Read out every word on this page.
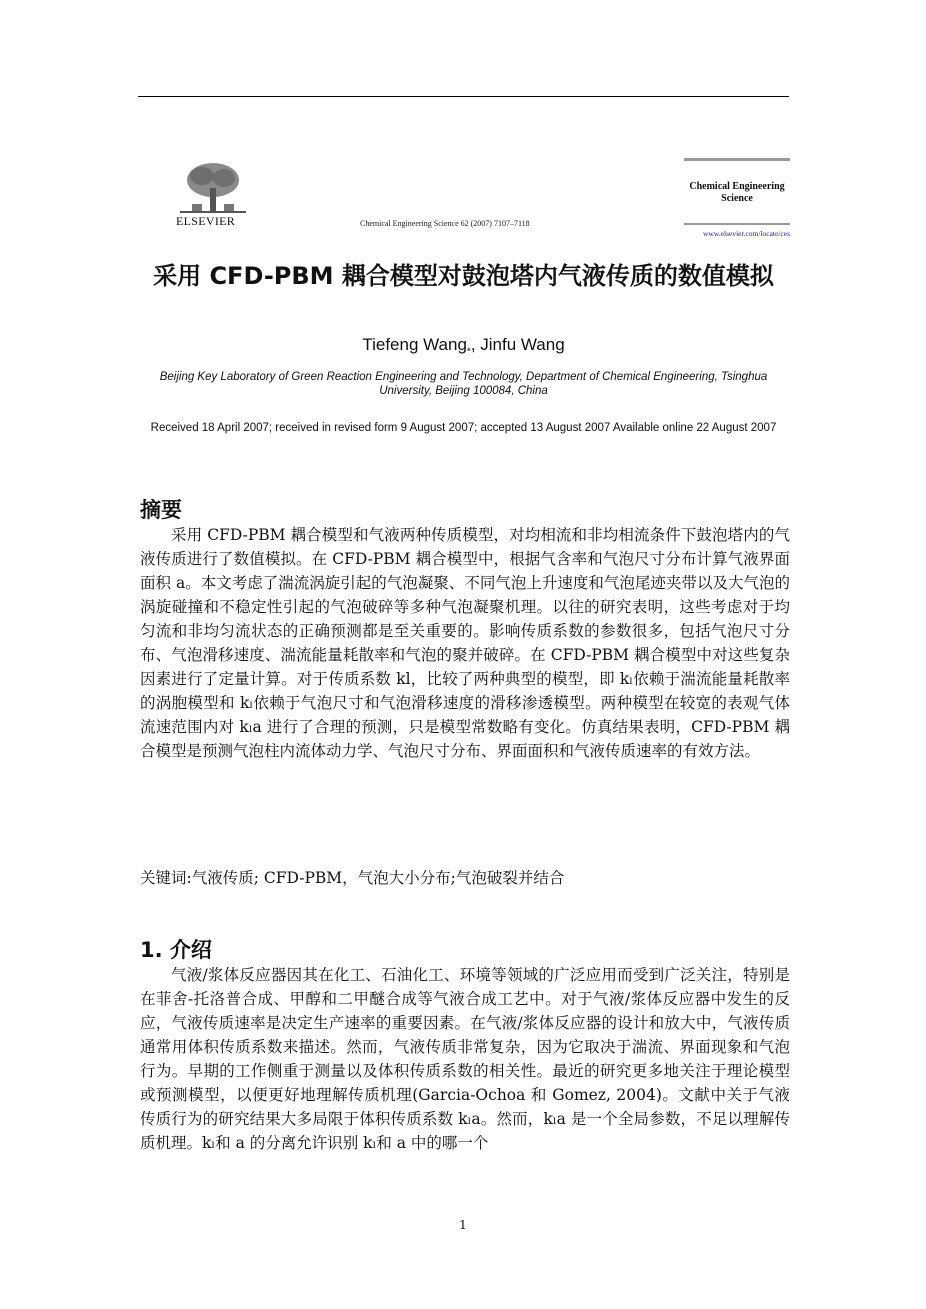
ELSEVIER	Chemical Engineering Science 62 (2007) 7107–7118
Chemical Engineering Science
www.elsevier.com/locate/ces
采用 CFD-PBM 耦合模型对鼓泡塔内气液传质的数值模拟
Tiefeng Wang$_*$, Jinfu Wang
Beijing Key Laboratory of Green Reaction Engineering and Technology, Department of Chemical Engineering, Tsinghua University, Beijing 100084, China
Received 18 April 2007; received in revised form 9 August 2007; accepted 13 August 2007 Available online 22 August 2007
摘要

采用 CFD-PBM 耦合模型和气液两种传质模型，对均相流和非均相流条件下鼓泡塔内的气液传质进行了数值模拟。在 CFD-PBM 耦合模型中，根据气含率和气泡尺寸分布计算气液界面面积 a。本文考虑了湍流涡旋引起的气泡凝聚、不同气泡上升速度和气泡尾迹夹带以及大气泡的涡旋碰撞和不稳定性引起的气泡破碎等多种气泡凝聚机理。以往的研究表明，这些考虑对于均匀流和非均匀流状态的正确预测都是至关重要的。影响传质系数的参数很多，包括气泡尺寸分布、气泡滑移速度、湍流能量耗散率和气泡的聚并破碎。在 CFD-PBM 耦合模型中对这些复杂因素进行了定量计算。对于传质系数 kl，比较了两种典型的模型，即 kₗ依赖于湍流能量耗散率的涡胞模型和 kₗ依赖于气泡尺寸和气泡滑移速度的滑移渗透模型。两种模型在较宽的表观气体流速范围内对 kₗa 进行了合理的预测，只是模型常数略有变化。仿真结果表明，CFD-PBM 耦合模型是预测气泡柱内流体动力学、气泡尺寸分布、界面面积和气液传质速率的有效方法。

关键词:气液传质; CFD-PBM，气泡大小分布;气泡破裂并结合
1. 介绍

气液/浆体反应器因其在化工、石油化工、环境等领域的广泛应用而受到广泛关注，特别是在菲舍-托洛普合成、甲醇和二甲醚合成等气液合成工艺中。对于气液/浆体反应器中发生的反应，气液传质速率是决定生产速率的重要因素。在气液/浆体反应器的设计和放大中，气液传质通常用体积传质系数来描述。然而，气液传质非常复杂，因为它取决于湍流、界面现象和气泡行为。早期的工作侧重于测量以及体积传质系数的相关性。最近的研究更多地关注于理论模型或预测模型，以便更好地理解传质机理(Garcia-Ochoa 和 Gomez, 2004)。文献中关于气液传质行为的研究结果大多局限于体积传质系数 kₗa。然而，kₗa 是一个全局参数，不足以理解传质机理。kₗ和 a 的分离允许识别 kₗ和 a 中的哪一个

1
